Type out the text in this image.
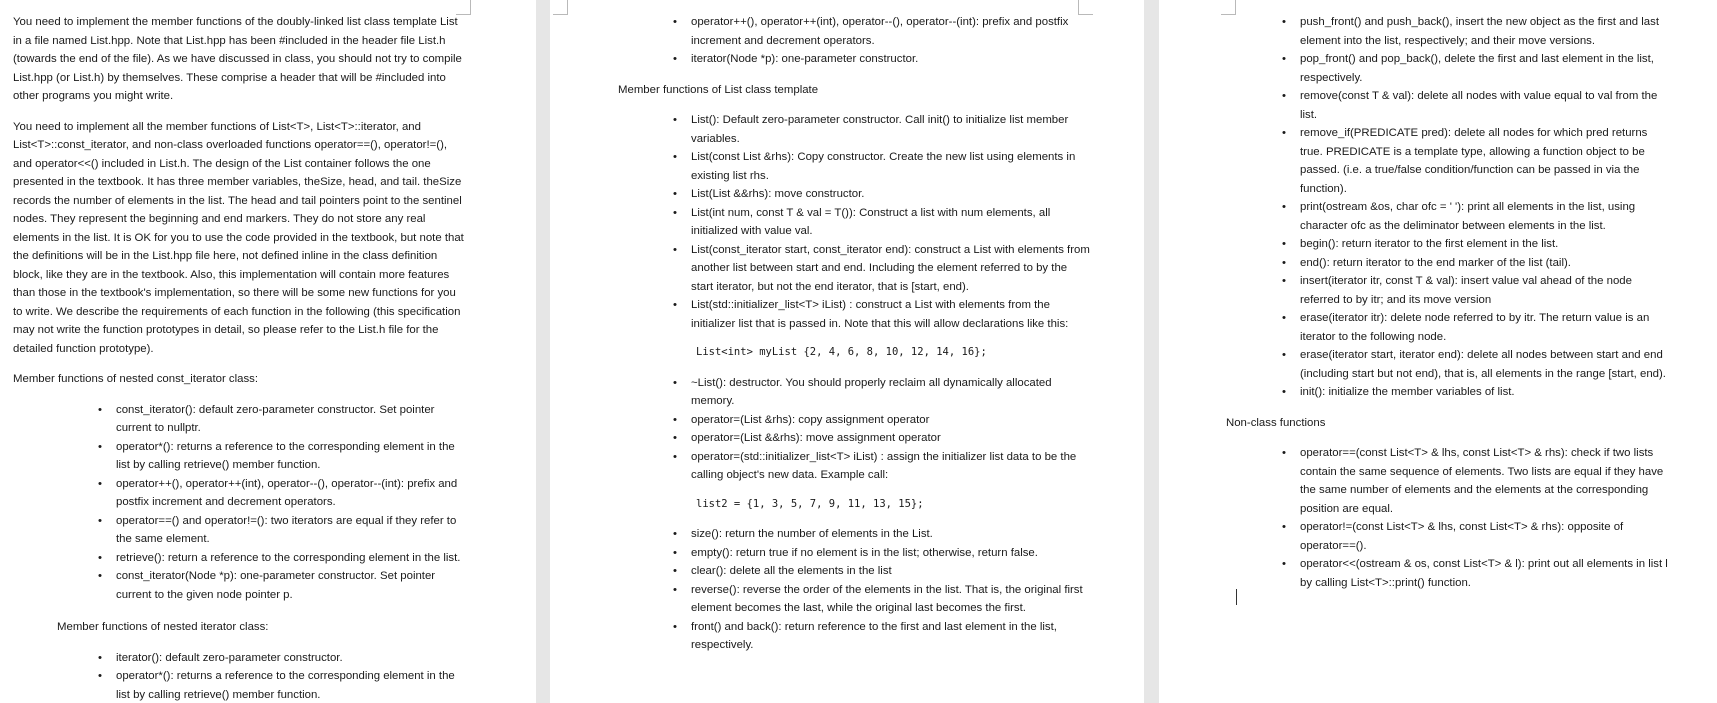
You need to implement the member functions of the doubly-linked list class template List in a file named List.hpp. Note that List.hpp has been #included in the header file List.h (towards the end of the file). As we have discussed in class, you should not try to compile List.hpp (or List.h) by themselves. These comprise a header that will be #included into other programs you might write.

You need to implement all the member functions of List<T>, List<T>::iterator, and List<T>::const_iterator, and non-class overloaded functions operator==(), operator!=(), and operator<<() included in List.h. The design of the List container follows the one presented in the textbook. It has three member variables, theSize, head, and tail. theSize records the number of elements in the list. The head and tail pointers point to the sentinel nodes. They represent the beginning and end markers. They do not store any real elements in the list. It is OK for you to use the code provided in the textbook, but note that the definitions will be in the List.hpp file here, not defined inline in the class definition block, like they are in the textbook. Also, this implementation will contain more features than those in the textbook's implementation, so there will be some new functions for you to write. We describe the requirements of each function in the following (this specification may not write the function prototypes in detail, so please refer to the List.h file for the detailed function prototype).

Member functions of nested const_iterator class:

• const_iterator(): default zero-parameter constructor. Set pointer current to nullptr.
• operator*(): returns a reference to the corresponding element in the list by calling retrieve() member function.
• operator++(), operator++(int), operator--(), operator--(int): prefix and postfix increment and decrement operators.
• operator==() and operator!=(): two iterators are equal if they refer to the same element.
• retrieve(): return a reference to the corresponding element in the list.
• const_iterator(Node *p): one-parameter constructor. Set pointer current to the given node pointer p.

Member functions of nested iterator class:

• iterator(): default zero-parameter constructor.
• operator*(): returns a reference to the corresponding element in the list by calling retrieve() member function.
• operator++(), operator++(int), operator--(), operator--(int): prefix and postfix increment and decrement operators.
• iterator(Node *p): one-parameter constructor.

Member functions of List class template

• List(): Default zero-parameter constructor. Call init() to initialize list member variables.
• List(const List &rhs): Copy constructor. Create the new list using elements in existing list rhs.
• List(List &&rhs): move constructor.
• List(int num, const T & val = T()): Construct a list with num elements, all initialized with value val.
• List(const_iterator start, const_iterator end): construct a List with elements from another list between start and end. Including the element referred to by the start iterator, but not the end iterator, that is [start, end).
• List(std::initializer_list<T> iList) : construct a List with elements from the initializer list that is passed in. Note that this will allow declarations like this:

List<int> myList {2, 4, 6, 8, 10, 12, 14, 16};

• ~List(): destructor. You should properly reclaim all dynamically allocated memory.
• operator=(List &rhs): copy assignment operator
• operator=(List &&rhs): move assignment operator
• operator=(std::initializer_list<T> iList) : assign the initializer list data to be the calling object's new data. Example call:

list2 = {1, 3, 5, 7, 9, 11, 13, 15};

• size(): return the number of elements in the List.
• empty(): return true if no element is in the list; otherwise, return false.
• clear(): delete all the elements in the list
• reverse(): reverse the order of the elements in the list. That is, the original first element becomes the last, while the original last becomes the first.
• front() and back(): return reference to the first and last element in the list, respectively.
• push_front() and push_back(), insert the new object as the first and last element into the list, respectively; and their move versions.
• pop_front() and pop_back(), delete the first and last element in the list, respectively.
• remove(const T & val): delete all nodes with value equal to val from the list.
• remove_if(PREDICATE pred): delete all nodes for which pred returns true. PREDICATE is a template type, allowing a function object to be passed. (i.e. a true/false condition/function can be passed in via the function).
• print(ostream &os, char ofc = ' '): print all elements in the list, using character ofc as the deliminator between elements in the list.
• begin(): return iterator to the first element in the list.
• end(): return iterator to the end marker of the list (tail).
• insert(iterator itr, const T & val): insert value val ahead of the node referred to by itr; and its move version
• erase(iterator itr): delete node referred to by itr. The return value is an iterator to the following node.
• erase(iterator start, iterator end): delete all nodes between start and end (including start but not end), that is, all elements in the range [start, end).
• init(): initialize the member variables of list.

Non-class functions

• operator==(const List<T> & lhs, const List<T> & rhs): check if two lists contain the same sequence of elements. Two lists are equal if they have the same number of elements and the elements at the corresponding position are equal.
• operator!=(const List<T> & lhs, const List<T> & rhs): opposite of operator==().
• operator<<(ostream & os, const List<T> & l): print out all elements in list l by calling List<T>::print() function.
